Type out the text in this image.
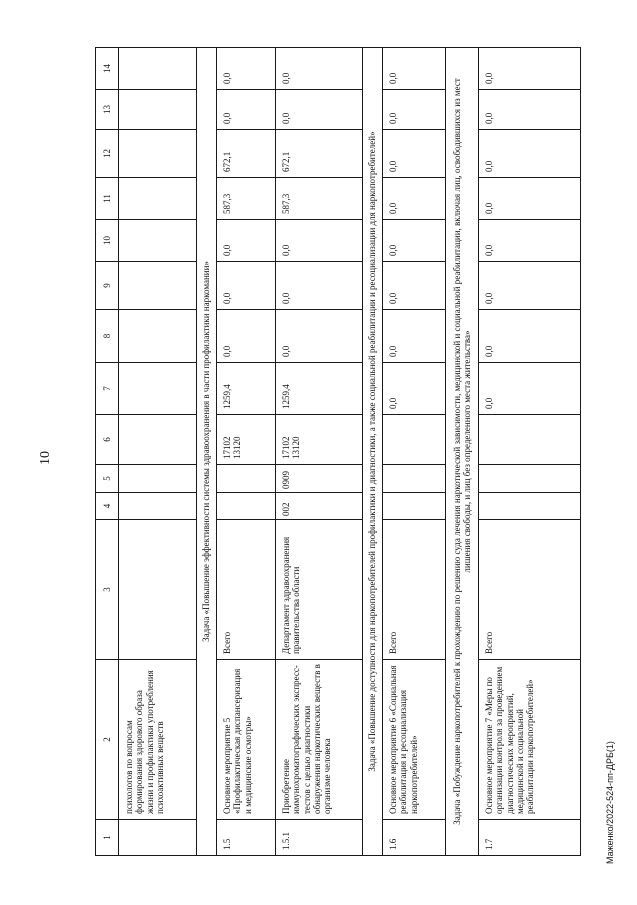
10
Маженко/2022-524-пп-ДРБ(1)
1	2	3	4	5	6	7	8	9	10	11	12	13	14
	психологов по вопросам формирования здорового образа жизни и профилактики употребления психоактивных веществ												
Задача «Повышение эффективности системы здравоохранения в части профилактики наркомании»													
1.5	Основное мероприятие 5 «Профилактическая диспансеризация и медицинские осмотры»	Всего			17102 13120	1259,4	0,0	0,0	0,0	587,3	672,1	0,0	0,0
1.5.1	Приобретение иммунохроматографических экспресс-тестов с целью диагностики обнаружения наркотических веществ в организме человека	Департамент здравоохранения правительства области	002	0909	17102 13120	1259,4	0,0	0,0	0,0	587,3	672,1	0,0	0,0
Задача «Повышение доступности для наркопотребителей профилактики и диагностики, а также социальной реабилитации и ресоциализации для наркопотребителей»													
1.6	Основное мероприятие 6 «Социальная реабилитация и ресоциализация наркопотребителей»	Всего				0,0	0,0	0,0	0,0	0,0	0,0	0,0	0,0
Задача «Побуждение наркопотребителей к прохождению по решению суда лечения наркотической зависимости, медицинской и социальной реабилитации, включая лиц, освободившихся из мест лишения свободы, и лиц без определенного места жительства»													
1.7	Основное мероприятие 7 «Меры по организации контроля за проведением диагностических мероприятий, медицинской и социальной реабилитации наркопотребителей»	Всего				0,0	0,0	0,0	0,0	0,0	0,0	0,0	0,0
